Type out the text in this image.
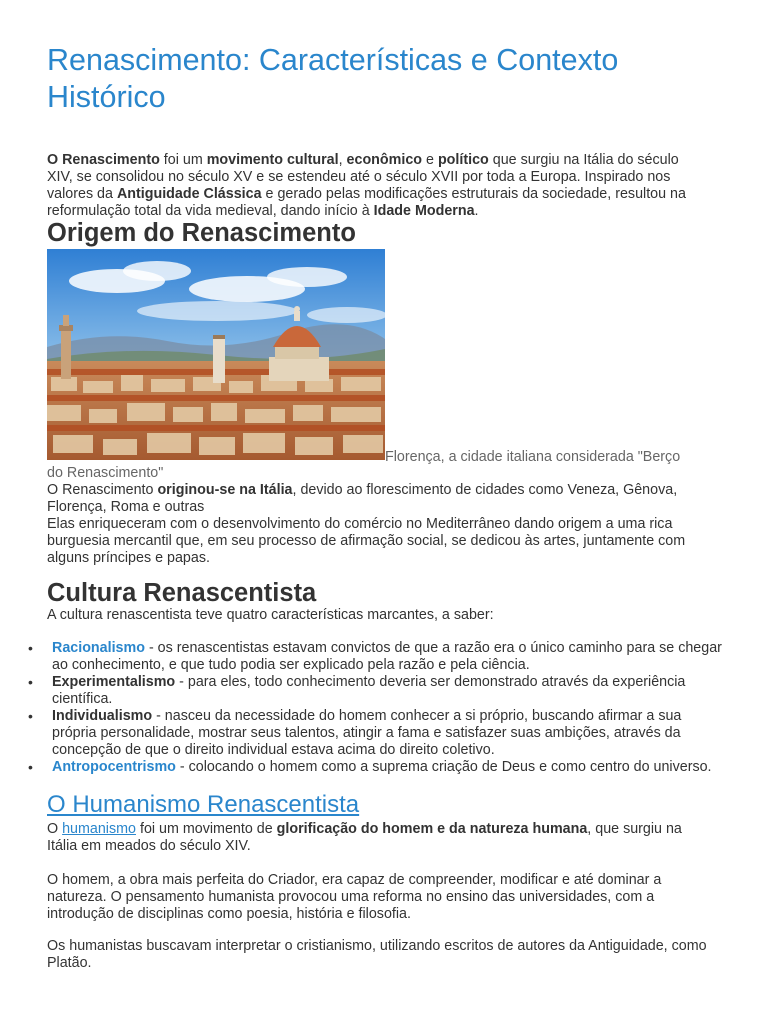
Renascimento: Características e Contexto Histórico

O Renascimento foi um movimento cultural, econômico e político que surgiu na Itália do século XIV, se consolidou no século XV e se estendeu até o século XVII por toda a Europa. Inspirado nos valores da Antiguidade Clássica e gerado pelas modificações estruturais da sociedade, resultou na reformulação total da vida medieval, dando início à Idade Moderna.

Origem do Renascimento
Florença, a cidade italiana considerada "Berço
do Renascimento"

O Renascimento originou-se na Itália, devido ao florescimento de cidades como Veneza, Gênova, Florença, Roma e outras

Elas enriqueceram com o desenvolvimento do comércio no Mediterrâneo dando origem a uma rica burguesia mercantil que, em seu processo de afirmação social, se dedicou às artes, juntamente com alguns príncipes e papas.

Cultura Renascentista

A cultura renascentista teve quatro características marcantes, a saber:

• Racionalismo - os renascentistas estavam convictos de que a razão era o único caminho para se chegar ao conhecimento, e que tudo podia ser explicado pela razão e pela ciência.
• Experimentalismo - para eles, todo conhecimento deveria ser demonstrado através da experiência científica.
• Individualismo - nasceu da necessidade do homem conhecer a si próprio, buscando afirmar a sua própria personalidade, mostrar seus talentos, atingir a fama e satisfazer suas ambições, através da concepção de que o direito individual estava acima do direito coletivo.
• Antropocentrismo - colocando o homem como a suprema criação de Deus e como centro do universo.
O Humanismo Renascentista

O humanismo foi um movimento de glorificação do homem e da natureza humana, que surgiu na Itália em meados do século XIV.

O homem, a obra mais perfeita do Criador, era capaz de compreender, modificar e até dominar a natureza. O pensamento humanista provocou uma reforma no ensino das universidades, com a introdução de disciplinas como poesia, história e filosofia.

Os humanistas buscavam interpretar o cristianismo, utilizando escritos de autores da Antiguidade, como Platão.
